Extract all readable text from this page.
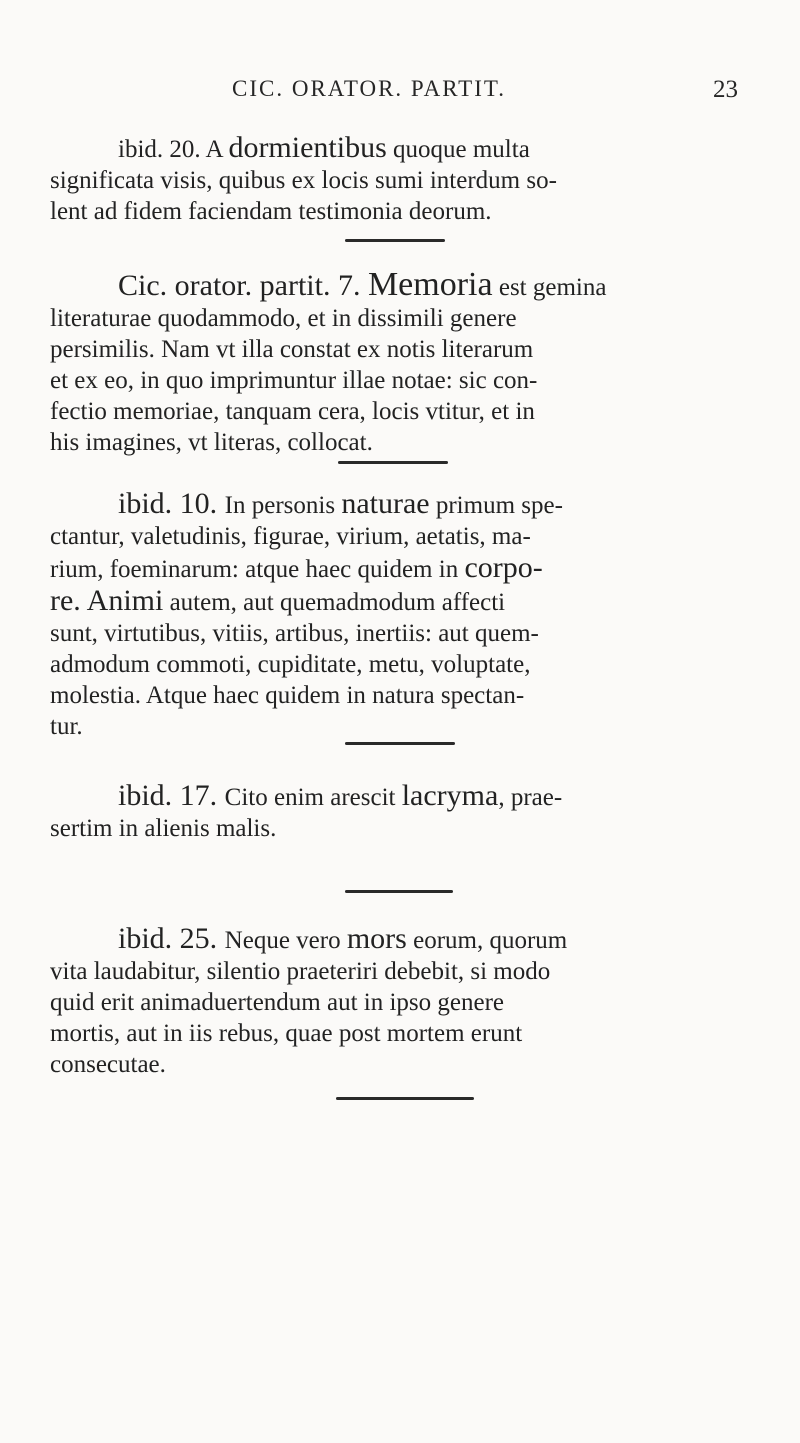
CIC. ORATOR. PARTIT.	23
ibid. 20. A dormientibus quoque multa
significata visis, quibus ex locis sumi interdum so-
lent ad fidem faciendam testimonia deorum.
Cic. orator. partit. 7. Memoria est gemina
literaturae quodammodo, et in dissimili genere
persimilis. Nam vt illa constat ex notis literarum
et ex eo, in quo imprimuntur illae notae: sic con-
fectio memoriae, tanquam cera, locis vtitur, et in
his imagines, vt literas, collocat.
ibid. 10. In personis naturae primum spe-
ctantur, valetudinis, figurae, virium, aetatis, ma-
rium, foeminarum: atque haec quidem in corpo-
re. Animi autem, aut quemadmodum affecti
sunt, virtutibus, vitiis, artibus, inertiis: aut quem-
admodum commoti, cupiditate, metu, voluptate,
molestia. Atque haec quidem in natura spectan-
tur.
ibid. 17. Cito enim arescit lacryma, prae-
sertim in alienis malis.
ibid. 25. Neque vero mors eorum, quorum
vita laudabitur, silentio praeteriri debebit, si modo
quid erit animaduertendum aut in ipso genere
mortis, aut in iis rebus, quae post mortem erunt
consecutae.
